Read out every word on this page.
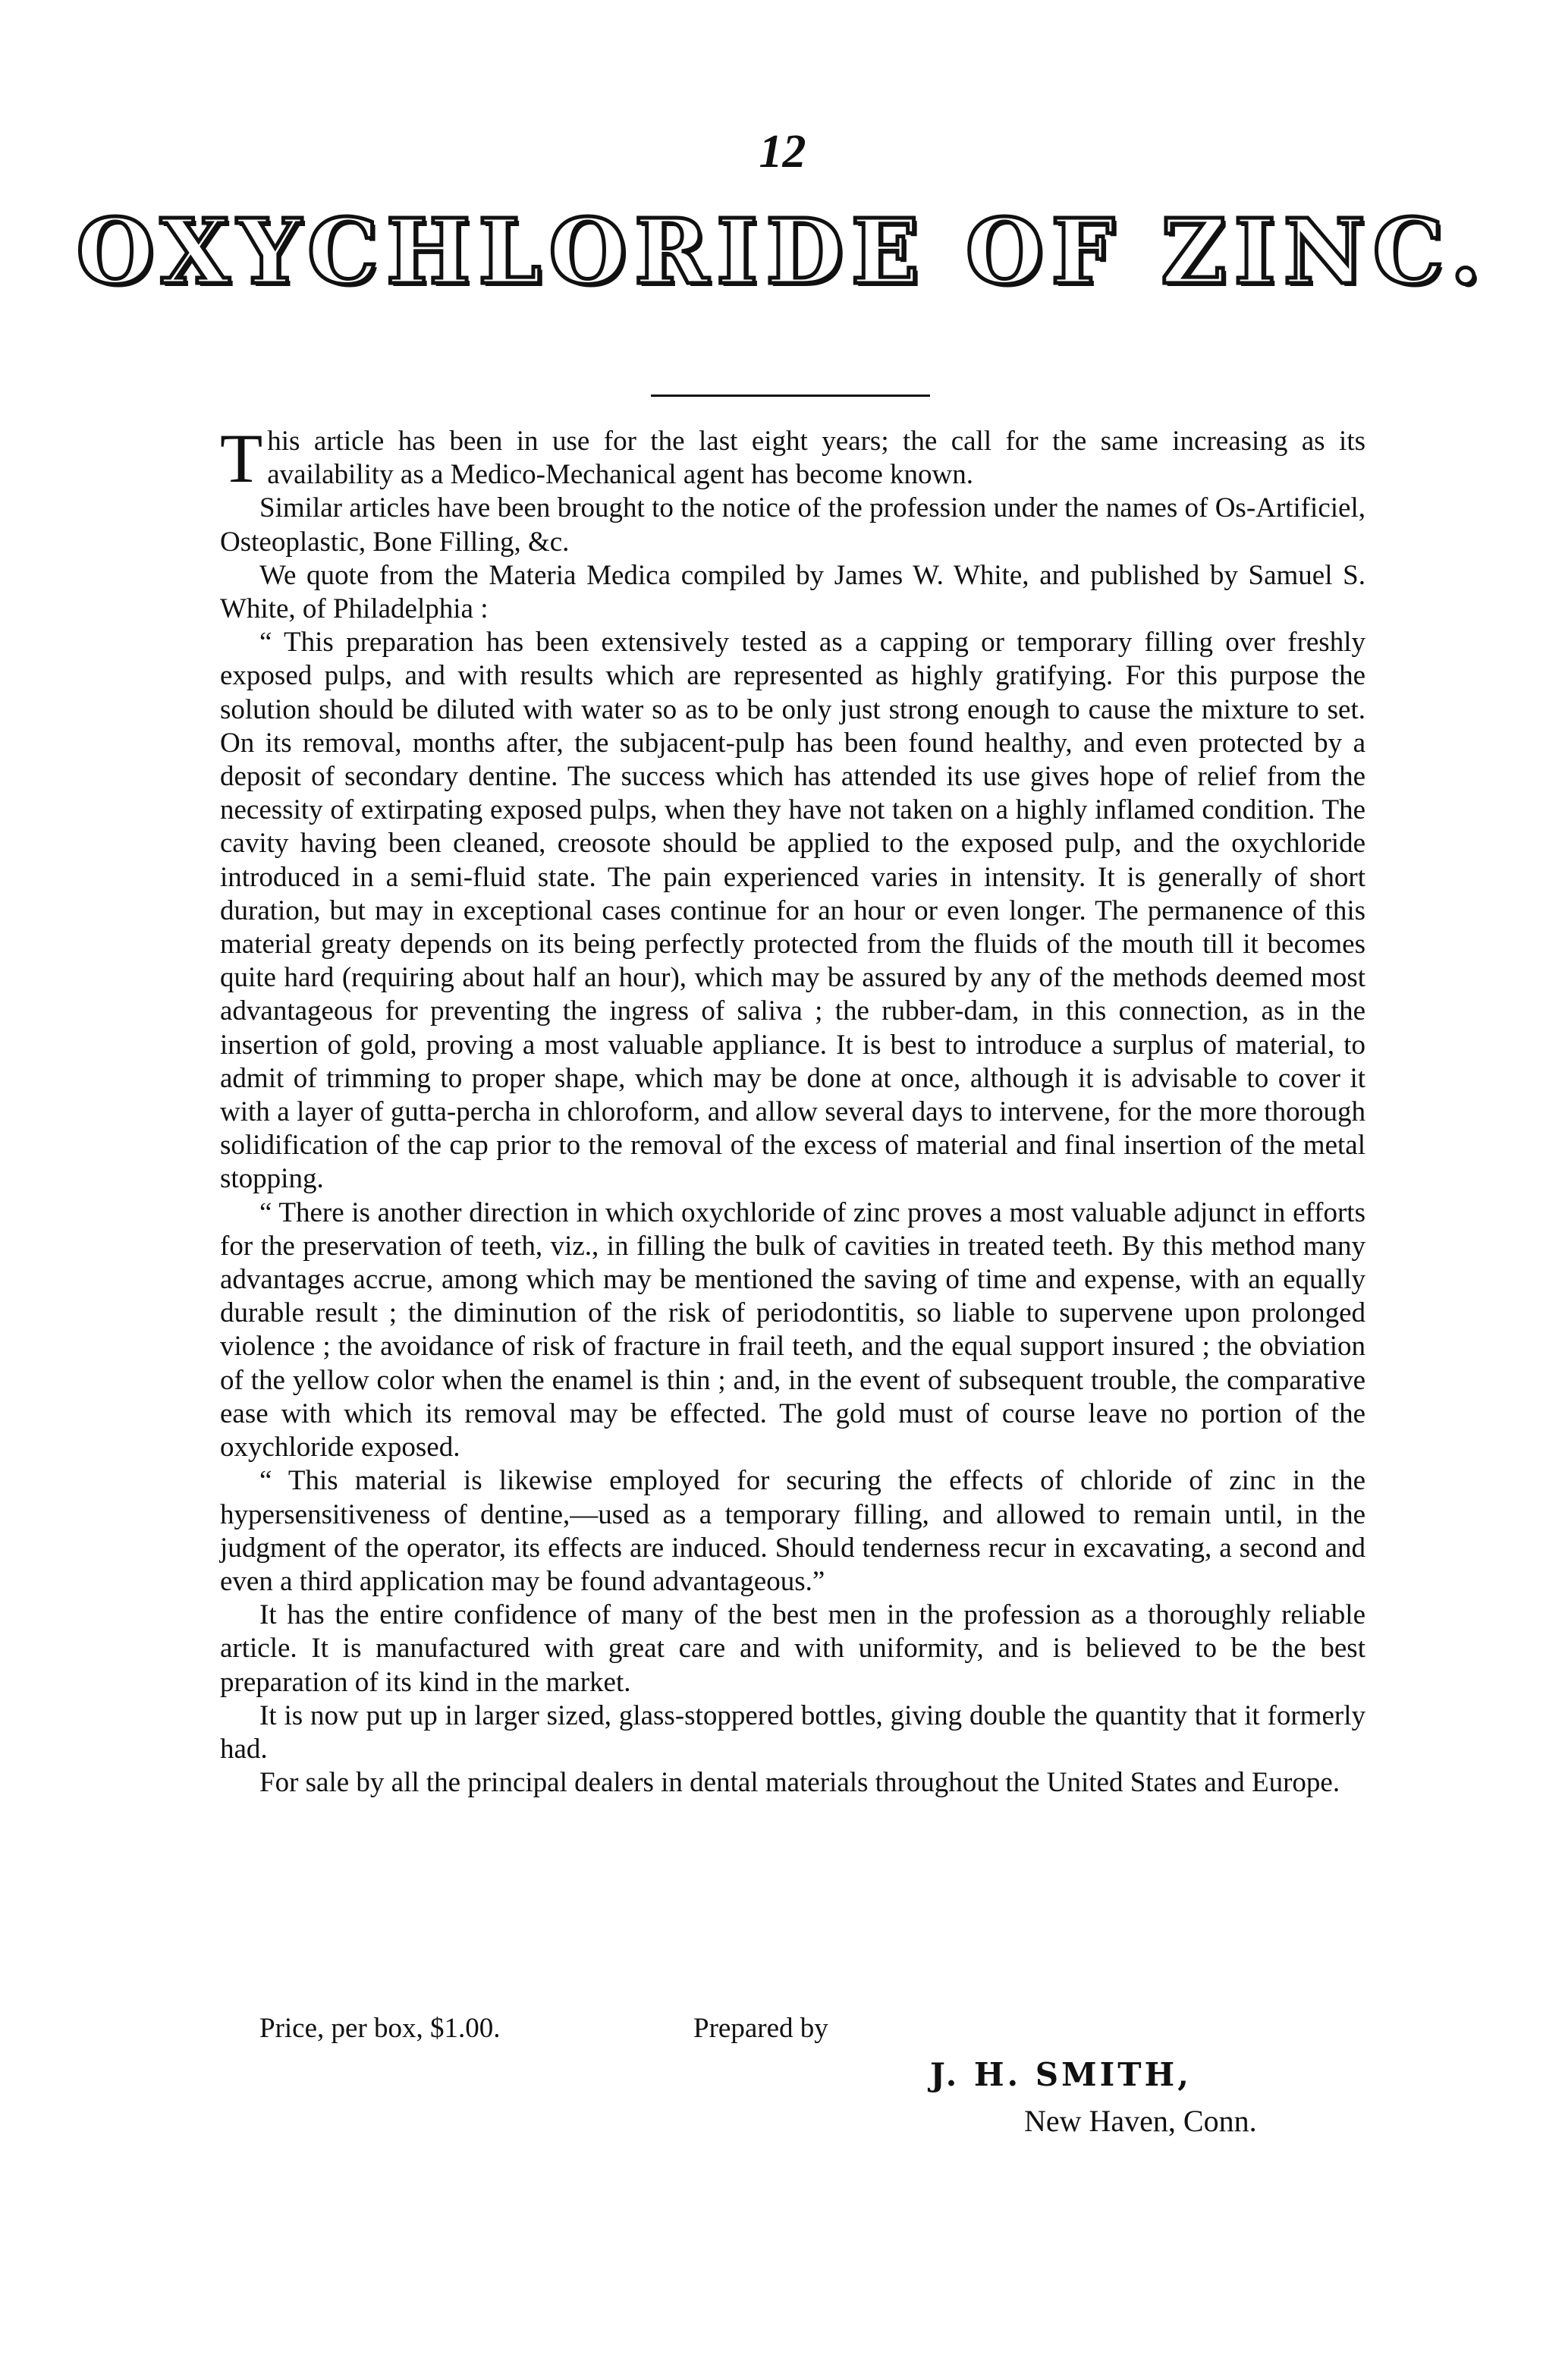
12
OXYCHLORIDE OF ZINC.

This article has been in use for the last eight years; the call for the same increasing as its availability as a Medico-Mechanical agent has become known.

Similar articles have been brought to the notice of the profession under the names of Os-Artificiel, Osteoplastic, Bone Filling, &c.

We quote from the Materia Medica compiled by James W. White, and published by Samuel S. White, of Philadelphia :

“ This preparation has been extensively tested as a capping or temporary filling over freshly exposed pulps, and with results which are represented as highly gratifying. For this purpose the solution should be diluted with water so as to be only just strong enough to cause the mixture to set. On its removal, months after, the subjacent-pulp has been found healthy, and even protected by a deposit of secondary dentine. The success which has attended its use gives hope of relief from the necessity of extirpating exposed pulps, when they have not taken on a highly inflamed condition. The cavity having been cleaned, creosote should be applied to the exposed pulp, and the oxychloride introduced in a semi-fluid state. The pain experienced varies in intensity. It is generally of short duration, but may in exceptional cases continue for an hour or even longer. The permanence of this material greaty depends on its being perfectly protected from the fluids of the mouth till it becomes quite hard (requiring about half an hour), which may be assured by any of the methods deemed most advantageous for preventing the ingress of saliva ; the rubber-dam, in this connection, as in the insertion of gold, proving a most valuable appliance. It is best to introduce a surplus of material, to admit of trimming to proper shape, which may be done at once, although it is advisable to cover it with a layer of gutta-percha in chloroform, and allow several days to intervene, for the more thorough solidification of the cap prior to the removal of the excess of material and final insertion of the metal stopping.

“ There is another direction in which oxychloride of zinc proves a most valuable adjunct in efforts for the preservation of teeth, viz., in filling the bulk of cavities in treated teeth. By this method many advantages accrue, among which may be mentioned the saving of time and expense, with an equally durable result ; the diminution of the risk of periodontitis, so liable to supervene upon prolonged violence ; the avoidance of risk of fracture in frail teeth, and the equal support insured ; the obviation of the yellow color when the enamel is thin ; and, in the event of subsequent trouble, the comparative ease with which its removal may be effected. The gold must of course leave no portion of the oxychloride exposed.

“ This material is likewise employed for securing the effects of chloride of zinc in the hypersensitiveness of dentine,—used as a temporary filling, and allowed to remain until, in the judgment of the operator, its effects are induced. Should tenderness recur in excavating, a second and even a third application may be found advantageous.”

It has the entire confidence of many of the best men in the profession as a thoroughly reliable article. It is manufactured with great care and with uniformity, and is believed to be the best preparation of its kind in the market.

It is now put up in larger sized, glass-stoppered bottles, giving double the quantity that it formerly had.

For sale by all the principal dealers in dental materials throughout the United States and Europe.

Price, per box, $1.00.	Prepared by
J. H. SMITH,
New Haven, Conn.
